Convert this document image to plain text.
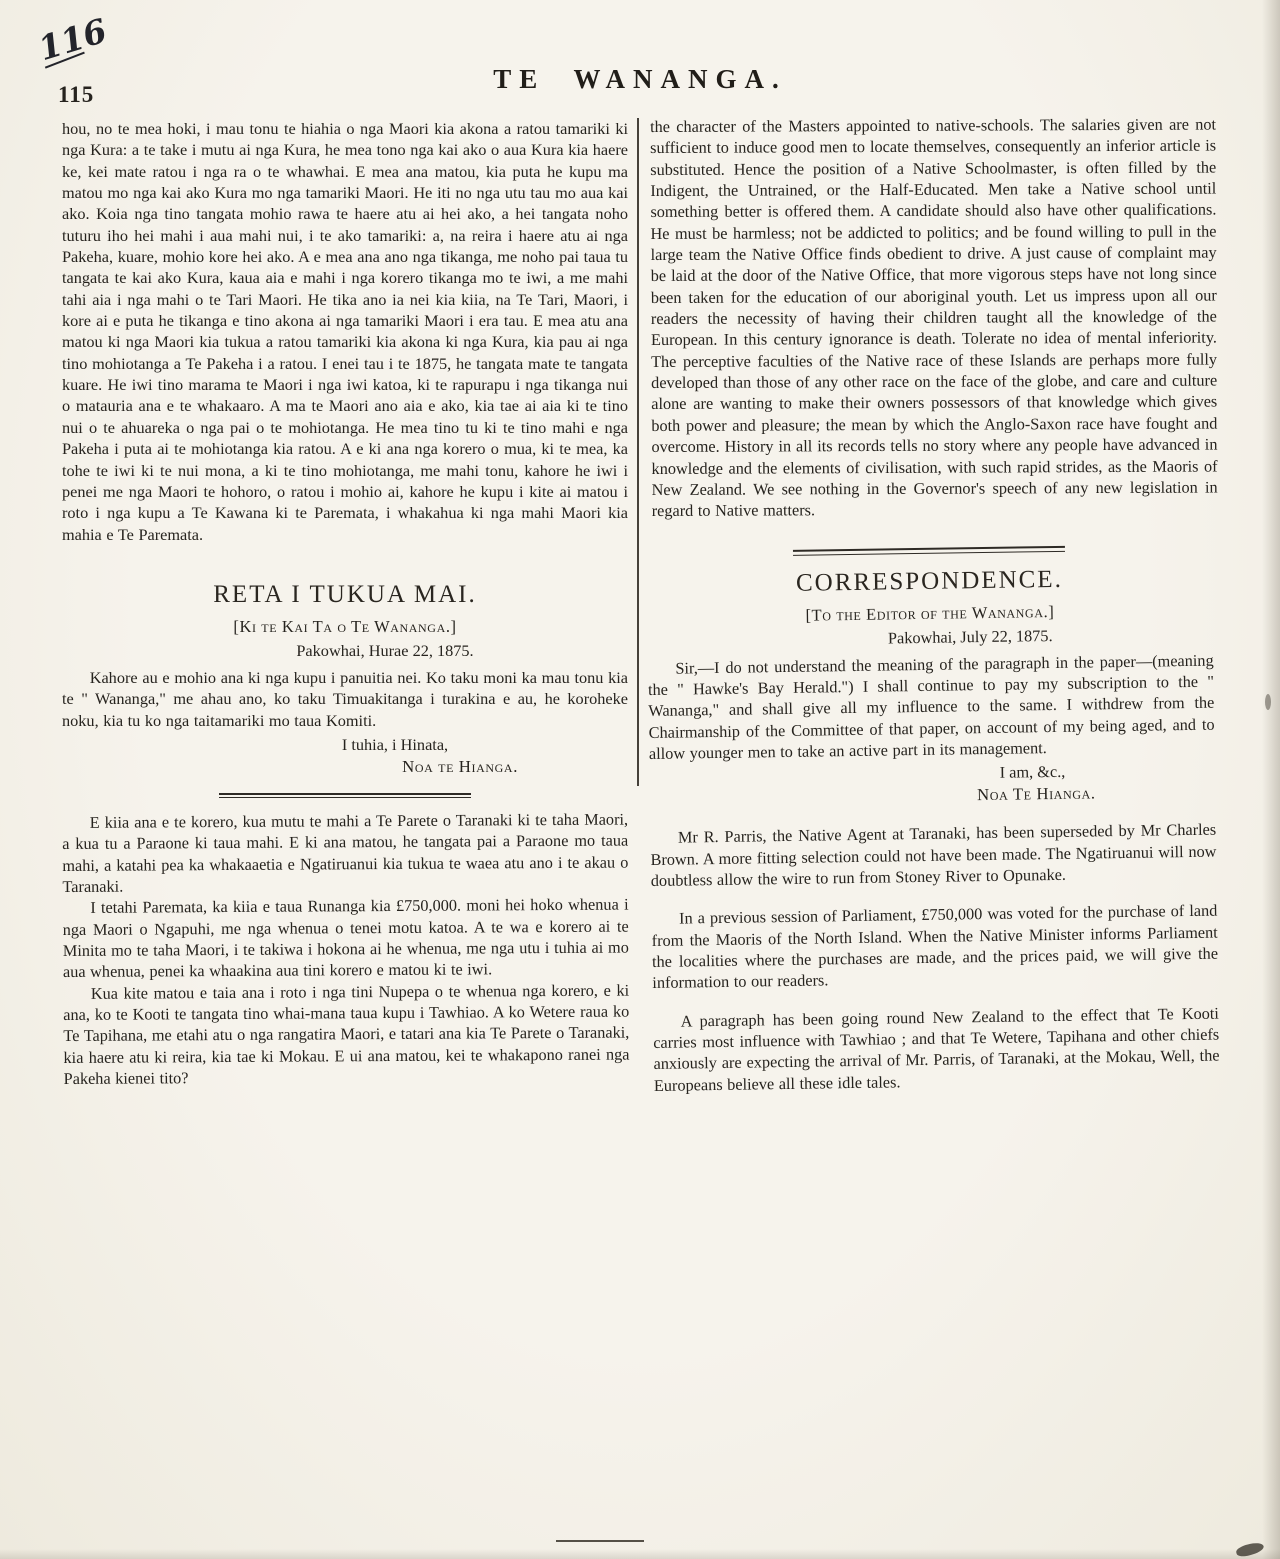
116
115
TE WANANGA.

hou, no te mea hoki, i mau tonu te hiahia o nga Maori kia akona a ratou tamariki ki nga Kura: a te take i mutu ai nga Kura, he mea tono nga kai ako o aua Kura kia haere ke, kei mate ratou i nga ra o te whawhai. E mea ana matou, kia puta he kupu ma matou mo nga kai ako Kura mo nga tamariki Maori. He iti no nga utu tau mo aua kai ako. Koia nga tino tangata mohio rawa te haere atu ai hei ako, a hei tangata noho tuturu iho hei mahi i aua mahi nui, i te ako tamariki: a, na reira i haere atu ai nga Pakeha, kuare, mohio kore hei ako. A e mea ana ano nga tikanga, me noho pai taua tu tangata te kai ako Kura, kaua aia e mahi i nga korero tikanga mo te iwi, a me mahi tahi aia i nga mahi o te Tari Maori. He tika ano ia nei kia kiia, na Te Tari, Maori, i kore ai e puta he tikanga e tino akona ai nga tamariki Maori i era tau. E mea atu ana matou ki nga Maori kia tukua a ratou tamariki kia akona ki nga Kura, kia pau ai nga tino mohiotanga a Te Pakeha i a ratou. I enei tau i te 1875, he tangata mate te tangata kuare. He iwi tino marama te Maori i nga iwi katoa, ki te rapurapu i nga tikanga nui o matauria ana e te whakaaro. A ma te Maori ano aia e ako, kia tae ai aia ki te tino nui o te ahuareka o nga pai o te mohiotanga. He mea tino tu ki te tino mahi e nga Pakeha i puta ai te mohiotanga kia ratou. A e ki ana nga korero o mua, ki te mea, ka tohe te iwi ki te nui mona, a ki te tino mohiotanga, me mahi tonu, kahore he iwi i penei me nga Maori te hohoro, o ratou i mohio ai, kahore he kupu i kite ai matou i roto i nga kupu a Te Kawana ki te Paremata, i whakahua ki nga mahi Maori kia mahia e Te Paremata.

RETA I TUKUA MAI.
[Ki te Kai Ta o Te Wananga.]
Pakowhai, Hurae 22, 1875.

Kahore au e mohio ana ki nga kupu i panuitia nei. Ko taku moni ka mau tonu kia te " Wananga," me ahau ano, ko taku Timuakitanga i turakina e au, he koroheke noku, kia tu ko nga taitamariki mo taua Komiti.

I tuhia, i Hinata,
Noa te Hianga.

E kiia ana e te korero, kua mutu te mahi a Te Parete o Taranaki ki te taha Maori, a kua tu a Paraone ki taua mahi. E ki ana matou, he tangata pai a Paraone mo taua mahi, a katahi pea ka whakaaetia e Ngatiruanui kia tukua te waea atu ano i te akau o Taranaki.

I tetahi Paremata, ka kiia e taua Runanga kia £750,000. moni hei hoko whenua i nga Maori o Ngapuhi, me nga whenua o tenei motu katoa. A te wa e korero ai te Minita mo te taha Maori, i te takiwa i hokona ai he whenua, me nga utu i tuhia ai mo aua whenua, penei ka whaakina aua tini korero e matou ki te iwi.

Kua kite matou e taia ana i roto i nga tini Nupepa o te whenua nga korero, e ki ana, ko te Kooti te tangata tino whai-mana taua kupu i Tawhiao. A ko Wetere raua ko Te Tapihana, me etahi atu o nga rangatira Maori, e tatari ana kia Te Parete o Taranaki, kia haere atu ki reira, kia tae ki Mokau. E ui ana matou, kei te whakapono ranei nga Pakeha kienei tito?

the character of the Masters appointed to native-schools. The salaries given are not sufficient to induce good men to locate themselves, consequently an inferior article is substituted. Hence the position of a Native Schoolmaster, is often filled by the Indigent, the Untrained, or the Half-Educated. Men take a Native school until something better is offered them. A candidate should also have other qualifications. He must be harmless; not be addicted to politics; and be found willing to pull in the large team the Native Office finds obedient to drive. A just cause of complaint may be laid at the door of the Native Office, that more vigorous steps have not long since been taken for the education of our aboriginal youth. Let us impress upon all our readers the necessity of having their children taught all the knowledge of the European. In this century ignorance is death. Tolerate no idea of mental inferiority. The perceptive faculties of the Native race of these Islands are perhaps more fully developed than those of any other race on the face of the globe, and care and culture alone are wanting to make their owners possessors of that knowledge which gives both power and pleasure; the mean by which the Anglo-Saxon race have fought and overcome. History in all its records tells no story where any people have advanced in knowledge and the elements of civilisation, with such rapid strides, as the Maoris of New Zealand. We see nothing in the Governor's speech of any new legislation in regard to Native matters.

CORRESPONDENCE.
[To the Editor of the Wananga.]
Pakowhai, July 22, 1875.

Sir,—I do not understand the meaning of the paragraph in the paper—(meaning the " Hawke's Bay Herald.") I shall continue to pay my subscription to the " Wananga," and shall give all my influence to the same. I withdrew from the Chairmanship of the Committee of that paper, on account of my being aged, and to allow younger men to take an active part in its management.

I am, &c.,
Noa Te Hianga.

Mr R. Parris, the Native Agent at Taranaki, has been superseded by Mr Charles Brown. A more fitting selection could not have been made. The Ngatiruanui will now doubtless allow the wire to run from Stoney River to Opunake.

In a previous session of Parliament, £750,000 was voted for the purchase of land from the Maoris of the North Island. When the Native Minister informs Parliament the localities where the purchases are made, and the prices paid, we will give the information to our readers.

A paragraph has been going round New Zealand to the effect that Te Kooti carries most influence with Tawhiao ; and that Te Wetere, Tapihana and other chiefs anxiously are expecting the arrival of Mr. Parris, of Taranaki, at the Mokau, Well, the Europeans believe all these idle tales.
